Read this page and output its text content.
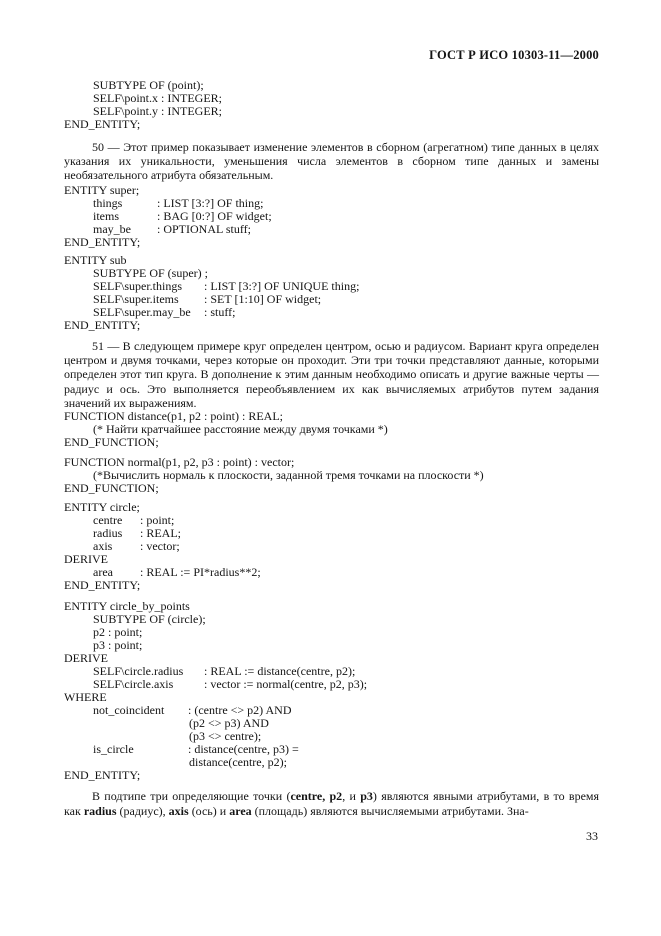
ГОСТ Р ИСО 10303-11—2000
SUBTYPE OF (point);
SELF\point.x : INTEGER;
SELF\point.y : INTEGER;
END_ENTITY;
50 — Этот пример показывает изменение элементов в сборном (агрегатном) типе данных в целях указания их уникальности, уменьшения числа элементов в сборном типе данных и замены необязательного атрибута обязательным.
ENTITY super;
things	: LIST [3:?] OF thing;
items	: BAG [0:?] OF widget;
may_be : OPTIONAL stuff;
END_ENTITY;
ENTITY sub
SUBTYPE OF (super) ;
SELF\super.things : LIST [3:?] OF UNIQUE thing;
SELF\super.items : SET [1:10] OF widget;
SELF\super.may_be : stuff;
END_ENTITY;
51 — В следующем примере круг определен центром, осью и радиусом. Вариант круга определен центром и двумя точками, через которые он проходит. Эти три точки представляют данные, которыми определен этот тип круга. В дополнение к этим данным необходимо описать и другие важные черты — радиус и ось. Это выполняется переобъявлением их как вычисляемых атрибутов путем задания значений их выражениям.
FUNCTION distance(p1, p2 : point) : REAL;
(* Найти кратчайшее расстояние между двумя точками *)
END_FUNCTION;
FUNCTION normal(p1, p2, p3 : point) : vector;
(*Вычислить нормаль к плоскости, заданной тремя точками на плоскости *)
END_FUNCTION;
ENTITY circle;
centre : point;
radius : REAL;
axis : vector;
DERIVE
area : REAL := PI*radius**2;
END_ENTITY;
ENTITY circle_by_points
SUBTYPE OF (circle);
p2 : point;
p3 : point;
DERIVE
SELF\circle.radius : REAL := distance(centre, p2);
SELF\circle.axis	: vector := normal(centre, p2, p3);
WHERE
not_coincident : (centre <> p2) AND
(p2 <> p3) AND
(p3 <> centre);
is_circle	: distance(centre, p3) =
distance(centre, p2);
END_ENTITY;
В подтипе три определяющие точки (centre, p2, и p3) являются явными атрибутами, в то время как radius (радиус), axis (ось) и area (площадь) являются вычисляемыми атрибутами. Зна-
33
